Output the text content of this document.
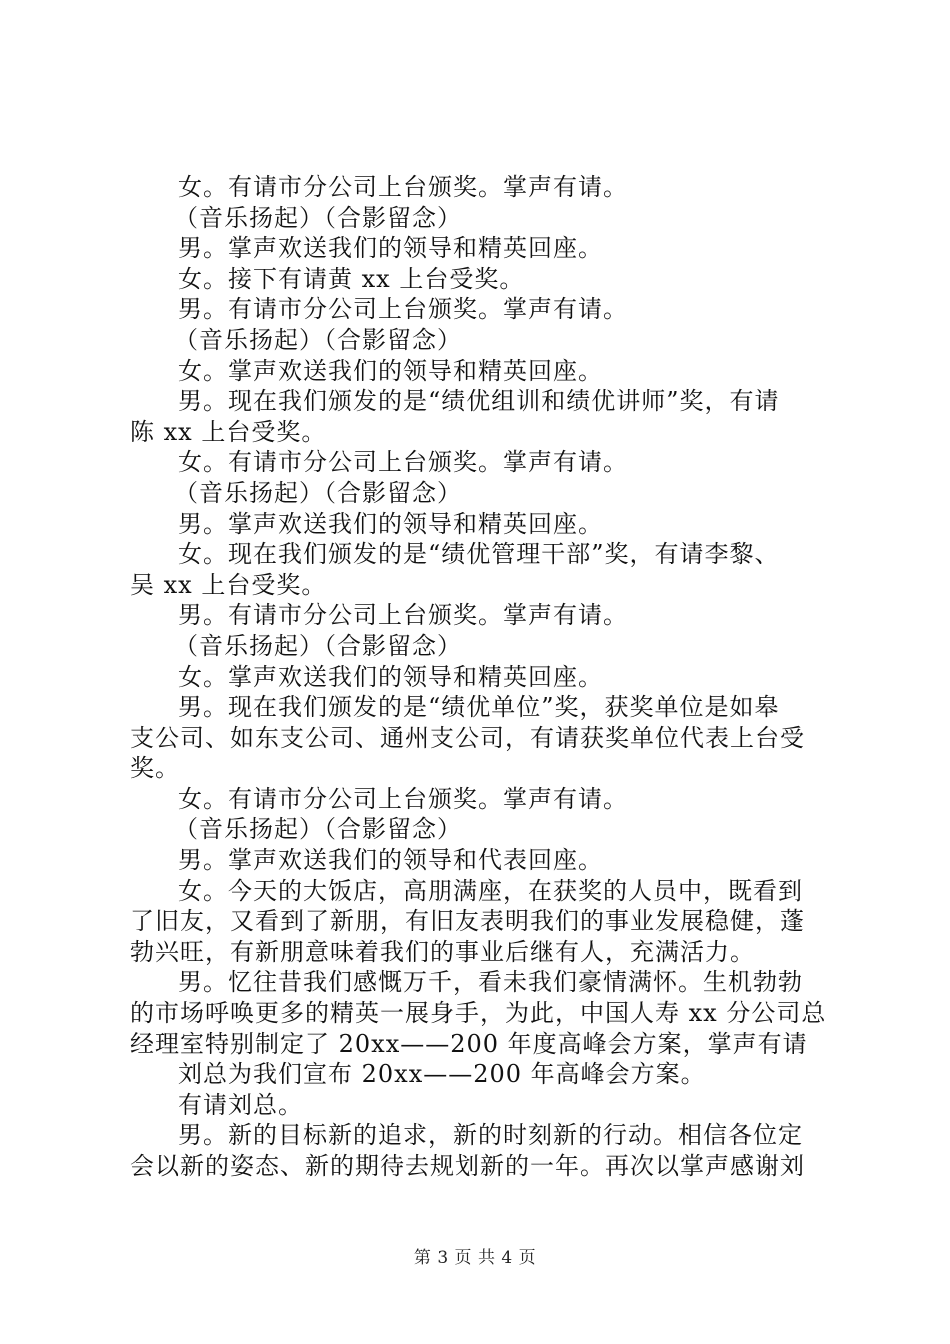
女。有请市分公司上台颁奖。掌声有请。

（音乐扬起）（合影留念）

男。掌声欢送我们的领导和精英回座。

女。接下有请黄 xx 上台受奖。

男。有请市分公司上台颁奖。掌声有请。

（音乐扬起）（合影留念）

女。掌声欢送我们的领导和精英回座。

男。现在我们颁发的是“绩优组训和绩优讲师”奖，有请

陈 xx 上台受奖。

女。有请市分公司上台颁奖。掌声有请。

（音乐扬起）（合影留念）

男。掌声欢送我们的领导和精英回座。

女。现在我们颁发的是“绩优管理干部”奖，有请李黎、

吴 xx 上台受奖。

男。有请市分公司上台颁奖。掌声有请。

（音乐扬起）（合影留念）

女。掌声欢送我们的领导和精英回座。

男。现在我们颁发的是“绩优单位”奖，获奖单位是如皋

支公司、如东支公司、通州支公司，有请获奖单位代表上台受

奖。

女。有请市分公司上台颁奖。掌声有请。

（音乐扬起）（合影留念）

男。掌声欢送我们的领导和代表回座。

女。今天的大饭店，高朋满座，在获奖的人员中，既看到

了旧友，又看到了新朋，有旧友表明我们的事业发展稳健，蓬

勃兴旺，有新朋意味着我们的事业后继有人，充满活力。

男。忆往昔我们感慨万千，看未我们豪情满怀。生机勃勃

的市场呼唤更多的精英一展身手，为此，中国人寿 xx 分公司总

经理室特别制定了 20xx——200 年度高峰会方案，掌声有请

刘总为我们宣布 20xx——200 年高峰会方案。

有请刘总。

男。新的目标新的追求，新的时刻新的行动。相信各位定

会以新的姿态、新的期待去规划新的一年。再次以掌声感谢刘

第 3 页 共 4 页
